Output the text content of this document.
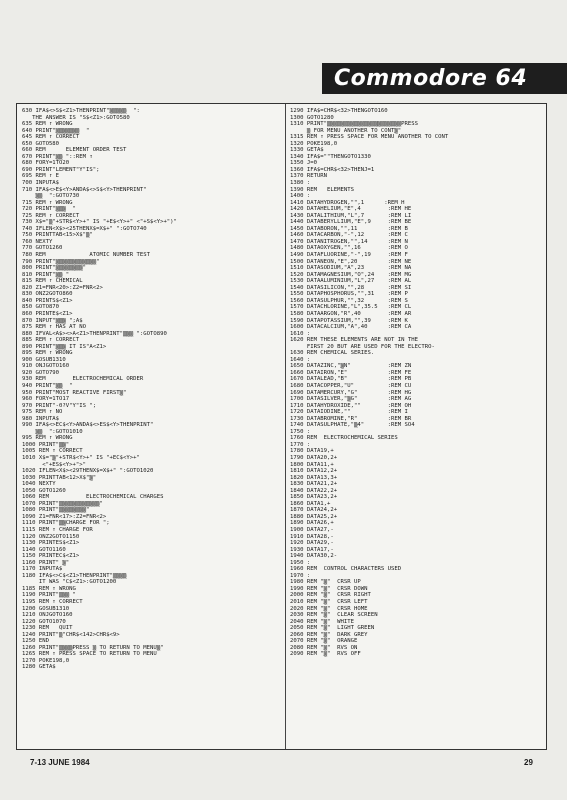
Commodore 64
630 IFA$<>S$<Z1>THENPRINT"▒▒▒▒▒  ":
THE ANSWER IS "S$<Z1>:GOTO580
635 REM ↑ WRONG
640 PRINT"▒▒▒▒▒▒▒  "
645 REM ↑ CORRECT
650 GOTO580
660 REM      ELEMENT ORDER TEST
670 PRINT"▒▒ "::REM ↑
680 FORY=1TO20
690 PRINT"LEMENT"Y"IS";
695 REM ↑ E
700 INPUTA$
710 IFA$<>E$<Y>ANDA$<>S$<Y>THENPRINT"
▒▒  ":GOTO730
715 REM ↑ WRONG
720 PRINT"▒▒▒  "
725 REM ↑ CORRECT
730 X$="▒"+STR$<Y>+" IS "+E$<Y>+" <"+S$<Y>+")"
740 IFLEN<X$><25THENX$=X$+" ":GOTO740
750 PRINTTAB<15>X$"▒"
760 NEXTY
770 GOTO1260
780 REM             ATOMIC NUMBER TEST
790 PRINT"▒▒▒▒▒▒▒▒▒▒▒▒"
800 PRINT"▒▒▒▒▒▒▒▒"
810 PRINT"▒▒ "
815 REM ↑ CHEMICAL
820 Z1=FNR<20>:Z2=FNR<2>
830 ONZ2GOTO860
840 PRINTS$<Z1>
850 GOTO870
860 PRINTE$<Z1>
870 INPUT"▒▒▒ ";A$
875 REM ↑ HAS AT NO
880 IFVAL<A$><>A<Z1>THENPRINT"▒▒▒ ":GOTO890
885 REM ↑ CORRECT
890 PRINT"▒▒▒ IT IS"A<Z1>
895 REM ↑ WRONG
900 GOSUB1310
910 ONJGOTO160
920 GOTO790
930 REM        ELECTROCHEMICAL ORDER
940 PRINT"▒▒  "
950 PRINT"MOST REACTIVE FIRST▒"
960 FORY=1TO17
970 PRINT"-0?V"Y"IS ";
975 REM ↑ NO
980 INPUTA$
990 IFA$<>EC$<Y>ANDA$<>ES$<Y>THENPRINT"
▒▒  ":GOTO1010
995 REM ↑ WRONG
1000 PRINT"▒▒"
1005 REM ↑ CORRECT
1010 X$="▒"+STR$<Y>+" IS "+EC$<Y>+"
<"+ES$<Y>+">"
1020 IFLEN<X$><29THENX$=X$+" ":GOTO1020
1030 PRINTTAB<12>X$"▒"
1040 NEXTY
1050 GOTO1260
1060 REM           ELECTROCHEMICAL CHARGES
1070 PRINT"▒▒▒▒▒▒▒▒▒▒▒▒"
1080 PRINT"▒▒▒▒▒▒▒▒"
1090 Z1=FNR<17>:Z2=FNR<2>
1110 PRINT"▒▒CHARGE FOR ";
1115 REM ↑ CHARGE FOR
1120 ONZ2GOTO1150
1130 PRINTES$<Z1>
1140 GOTO1160
1150 PRINTEC$<Z1>
1160 PRINT" ▒"
1170 INPUTA$
1180 IFA$<>C$<Z1>THENPRINT"▒▒▒▒
IT WAS "C$<Z1>:GOTO1200
1185 REM ↑ WRONG
1190 PRINT"▒▒▒ "
1195 REM ↑ CORRECT
1200 GOSUB1310
1210 ONJGOTO160
1220 GOTO1070
1230 REM   QUIT
1240 PRINT"▒"CHR$<142>CHR$<9>
1250 END
1260 PRINT"▒▒▒▒PRESS ▒ TO RETURN TO MENU▒"
1265 REM ↑ PRESS SPACE TO RETURN TO MENU
1270 POKE198,0
1280 GETA$
1290 IFA$=CHR$<32>THENGOTO160
1300 GOTO1280
1310 PRINT"▒▒▒▒▒▒▒▒▒▒▒▒▒▒▒▒▒▒▒▒▒▒PRESS
▒ FOR MENU ANOTHER TO CONT▒"
1315 REM ↑ PRESS SPACE FOR MENU ANOTHER TO CONT
1320 POKE198,0
1330 GETA$
1340 IFA$=""THENGOTO1330
1350 J=0
1360 IFA$=CHR$<32>THENJ=1
1370 RETURN
1380 :
1390 REM   ELEMENTS
1400 :
1410 DATAHYDROGEN,"",1      :REM H
1420 DATAHELIUM,"E",4        :REM HE
1430 DATALITHIUM,"L",7       :REM LI
1440 DATABERYLLIUM,"E",9     :REM BE
1450 DATABORON,"",11         :REM B
1460 DATACARBON,"-",12       :REM C
1470 DATANITROGEN,"",14      :REM N
1480 DATAOXYGEN,"",16        :REM O
1490 DATAFLUORINE,"-",19     :REM F
1500 DATANEON,"E",20         :REM NE
1510 DATASODIUM,"A",23       :REM NA
1520 DATAMAGNESIUM,"O",24    :REM MG
1530 DATAALUMINIUM,"L",27    :REM AL
1540 DATASILICON,"",28       :REM SI
1550 DATAPHOSPHORUS,"",31    :REM P
1560 DATASULPHUR,"",32       :REM S
1570 DATACHLORINE,"L",35.5   :REM CL
1580 DATAARGON,"R",40        :REM AR
1590 DATAPOTASSIUM,"",39     :REM K
1600 DATACALCIUM,"A",40      :REM CA
1610 :
1620 REM THESE ELEMENTS ARE NOT IN THE
FIRST 20 BUT ARE USED FOR THE ELECTRO-
1630 REM CHEMICAL SERIES.
1640 :
1650 DATAZINC,"▒N"           :REM ZN
1660 DATAIRON,"E"            :REM FE
1670 DATALEAD,"B"            :REM PB
1680 DATACOPPER,"U"          :REM CU
1690 DATAMERCURY,"G"         :REM HG
1700 DATASILVER,"▒G"         :REM AG
1710 DATAHYDROXIDE,""        :REM OH
1720 DATAIODINE,""           :REM I
1730 DATABROMINE,"R"         :REM BR
1740 DATASULPHATE,"▒4"       :REM SO4
1750 :
1760 REM  ELECTROCHEMICAL SERIES
1770 :
1780 DATA19,+
1790 DATA20,2+
1800 DATA11,+
1810 DATA12,2+
1820 DATA13,3+
1830 DATA21,2+
1840 DATA22,2+
1850 DATA23,2+
1860 DATA1,+
1870 DATA24,2+
1880 DATA25,2+
1890 DATA26,+
1900 DATA27,-
1910 DATA28,-
1920 DATA29,-
1930 DATA17,-
1940 DATA30,2-
1950 :
1960 REM  CONTROL CHARACTERS USED
1970 :
1980 REM "▒"  CRSR UP
1990 REM "▒"  CRSR DOWN
2000 REM "▒"  CRSR RIGHT
2010 REM "▒"  CRSR LEFT
2020 REM "▒"  CRSR HOME
2030 REM "▒"  CLEAR SCREEN
2040 REM "▒"  WHITE
2050 REM "▒"  LIGHT GREEN
2060 REM "▒"  DARK GREY
2070 REM "▒"  ORANGE
2080 REM "▒"  RVS ON
2090 REM "▒"  RVS OFF
7-13 JUNE 1984	29
